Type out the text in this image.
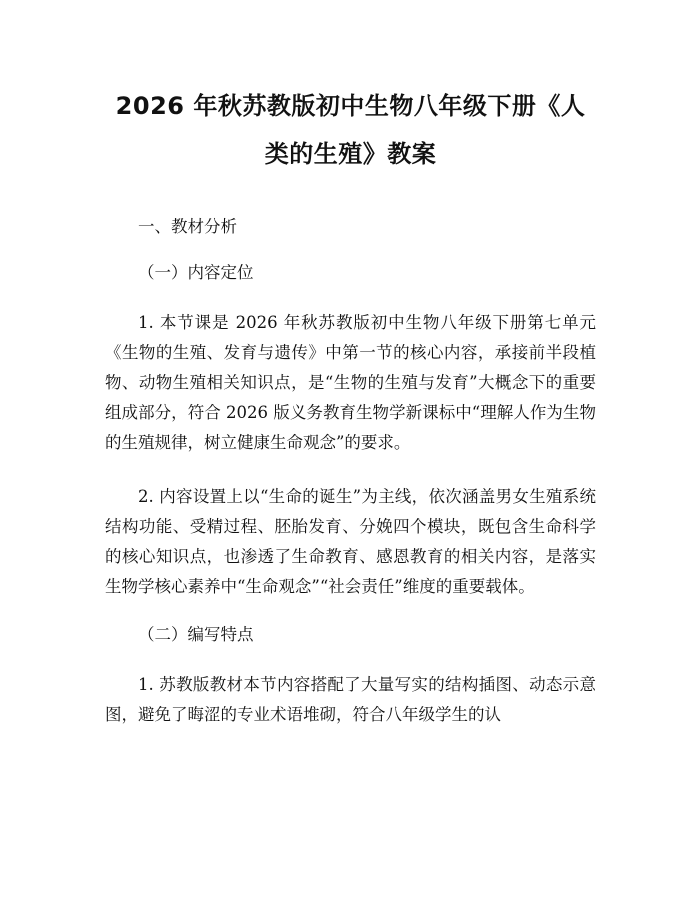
2026 年秋苏教版初中生物八年级下册《人类的生殖》教案

一、教材分析

（一）内容定位

1. 本节课是 2026 年秋苏教版初中生物八年级下册第七单元《生物的生殖、发育与遗传》中第一节的核心内容，承接前半段植物、动物生殖相关知识点，是“生物的生殖与发育”大概念下的重要组成部分，符合 2026 版义务教育生物学新课标中“理解人作为生物的生殖规律，树立健康生命观念”的要求。

2. 内容设置上以“生命的诞生”为主线，依次涵盖男女生殖系统结构功能、受精过程、胚胎发育、分娩四个模块，既包含生命科学的核心知识点，也渗透了生命教育、感恩教育的相关内容，是落实生物学核心素养中“生命观念”“社会责任”维度的重要载体。

（二）编写特点

1. 苏教版教材本节内容搭配了大量写实的结构插图、动态示意图，避免了晦涩的专业术语堆砌，符合八年级学生的认
